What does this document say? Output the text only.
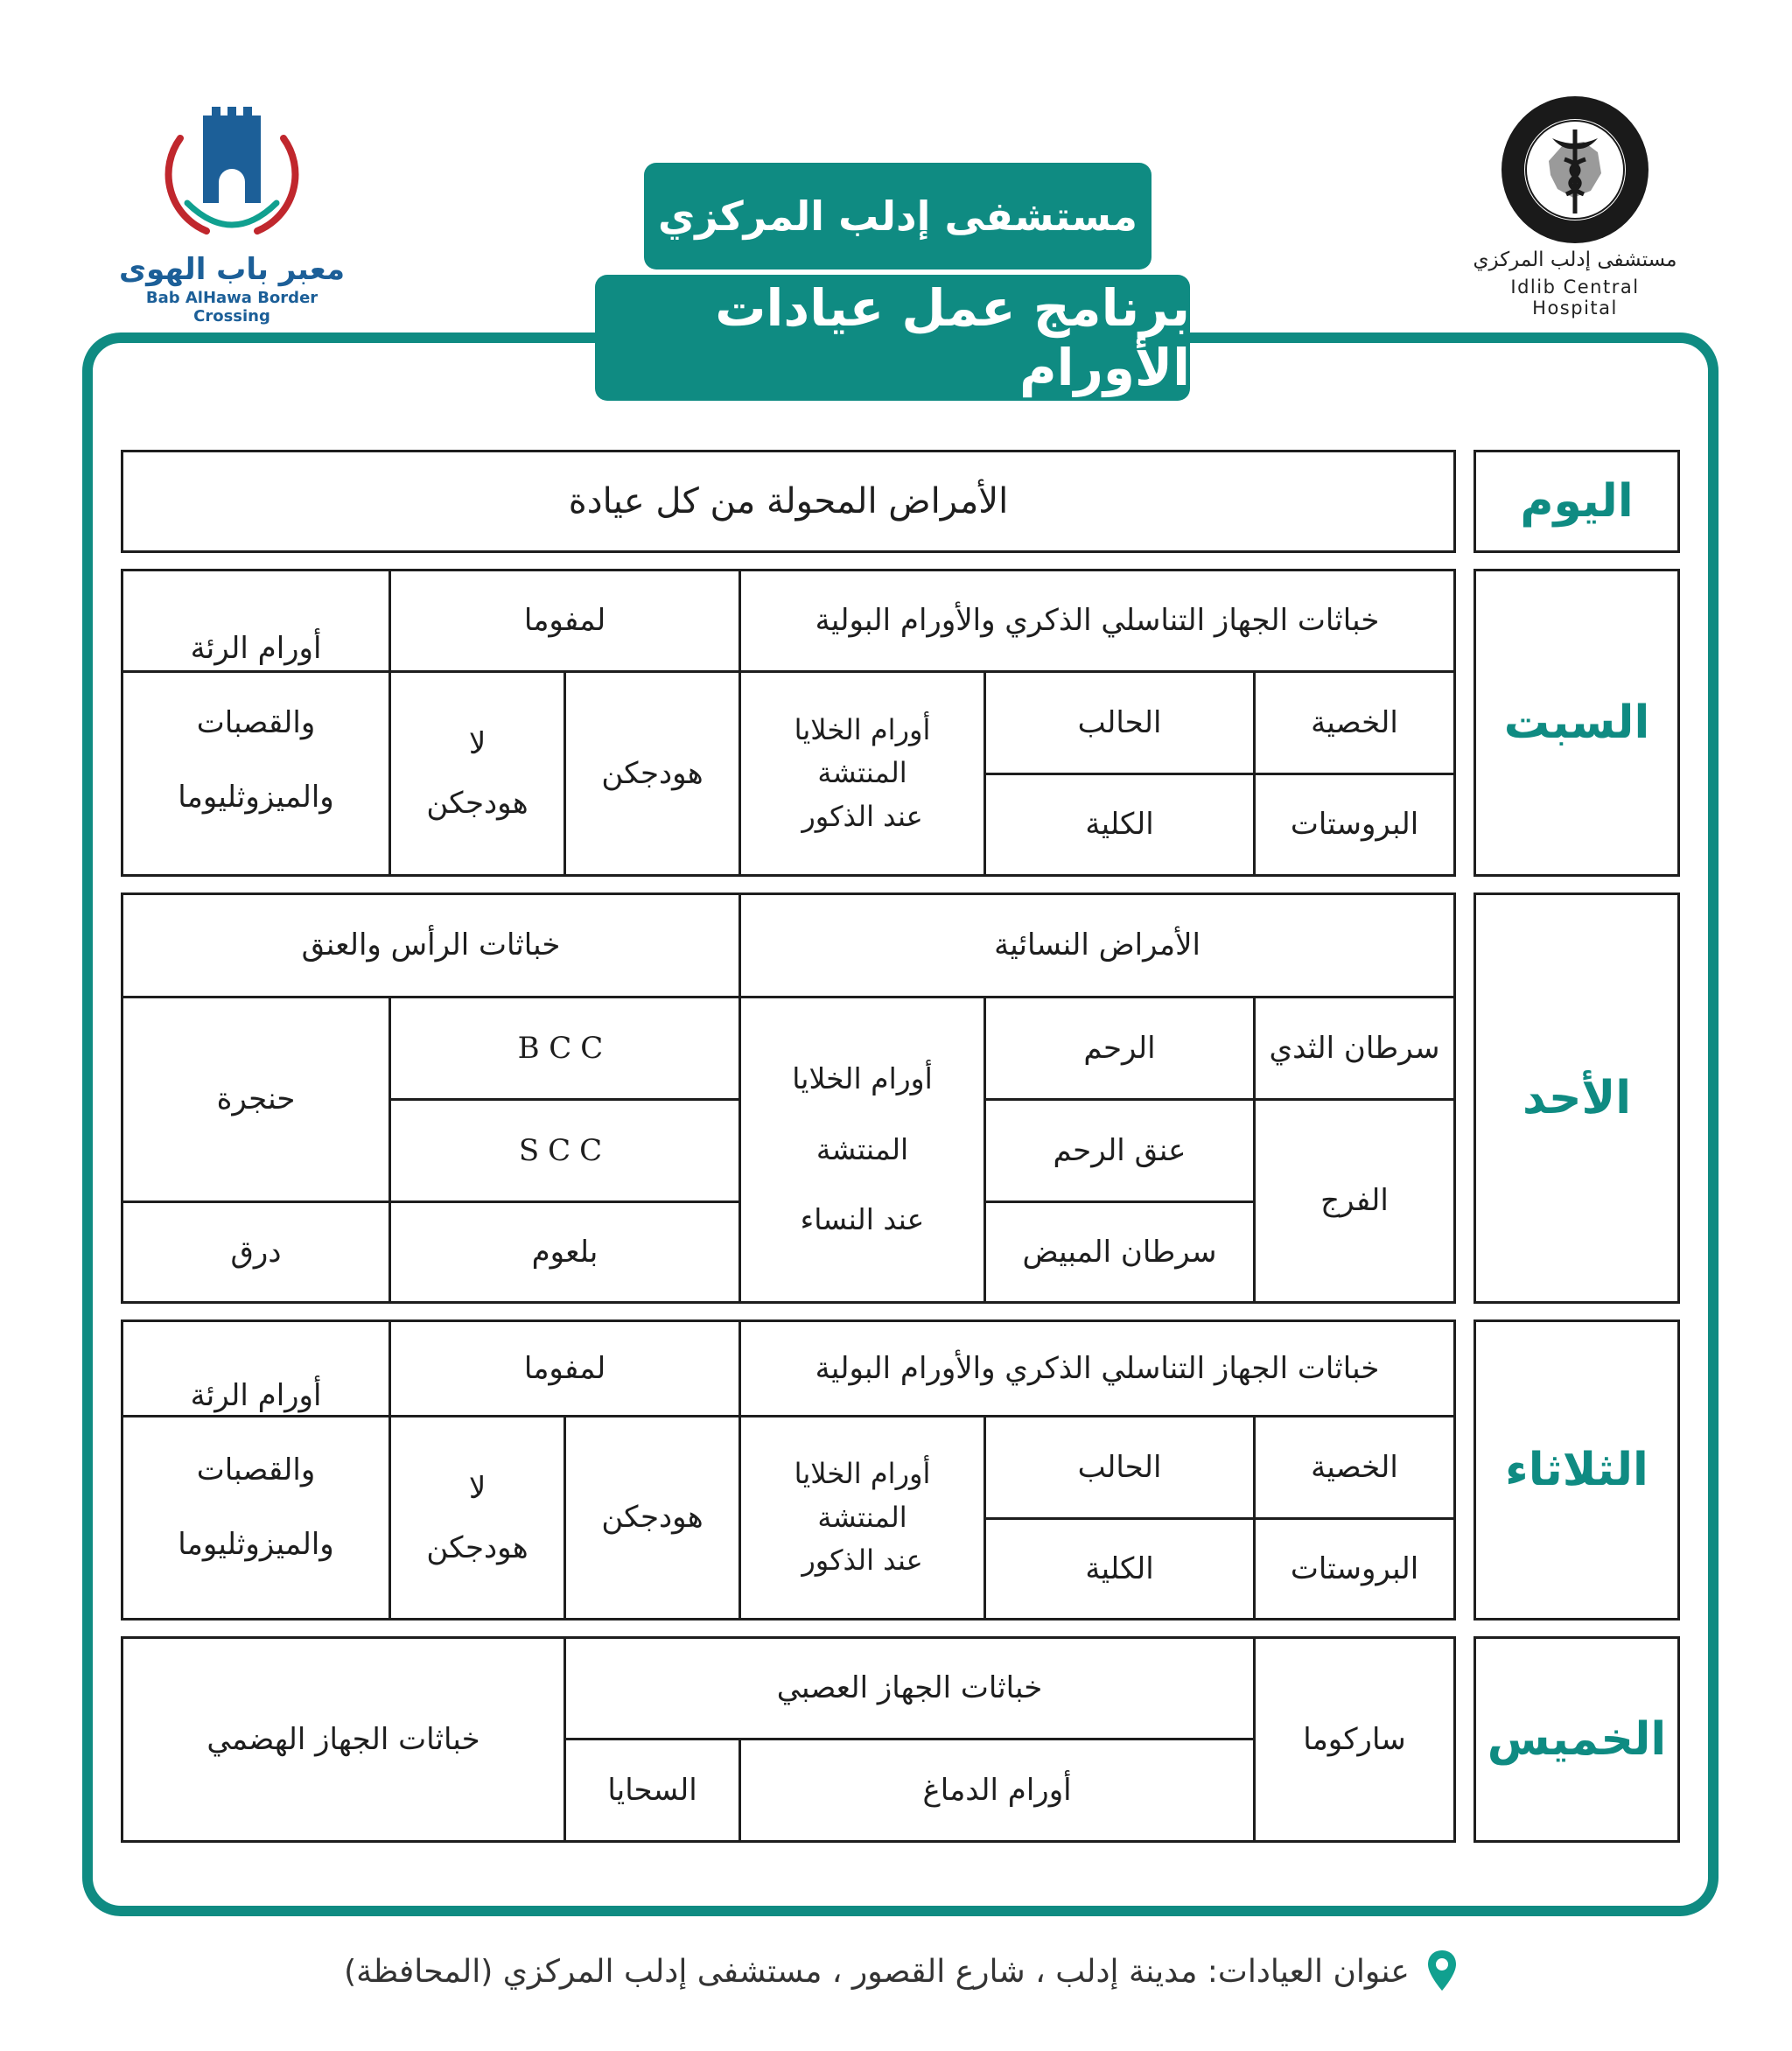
مستشفى إدلب المركزي
Idlib Central Hospital
معبر باب الهوى
Bab AlHawa Border Crossing
مستشفى إدلب المركزي
برنامج عمل عيادات الأورام
اليوم
الأمراض المحولة من كل عيادة
السبت
خباثات الجهاز التناسلي الذكري والأورام البولية
لمفوما
أورام الرئة
والقصبات
والميزوثليوما
الخصية
الحالب
البروستات
الكلية
أورام الخلايا
المنتشة
عند الذكور
هودجكن
لا
هودجكن
الأحد
الأمراض النسائية
خباثات الرأس والعنق
سرطان الثدي
الرحم
عنق الرحم
الفرج
سرطان المبيض
أورام الخلايا
المنتشة
عند النساء
BCC
SCC
حنجرة
بلعوم
درق
الثلاثاء
خباثات الجهاز التناسلي الذكري والأورام البولية
لمفوما
أورام الرئة
والقصبات
والميزوثليوما
الخصية
الحالب
البروستات
الكلية
أورام الخلايا
المنتشة
عند الذكور
هودجكن
لا
هودجكن
الخميس
ساركوما
خباثات الجهاز العصبي
أورام الدماغ
السحايا
خباثات الجهاز الهضمي
عنوان العيادات: مدينة إدلب ، شارع القصور ، مستشفى إدلب المركزي (المحافظة)
